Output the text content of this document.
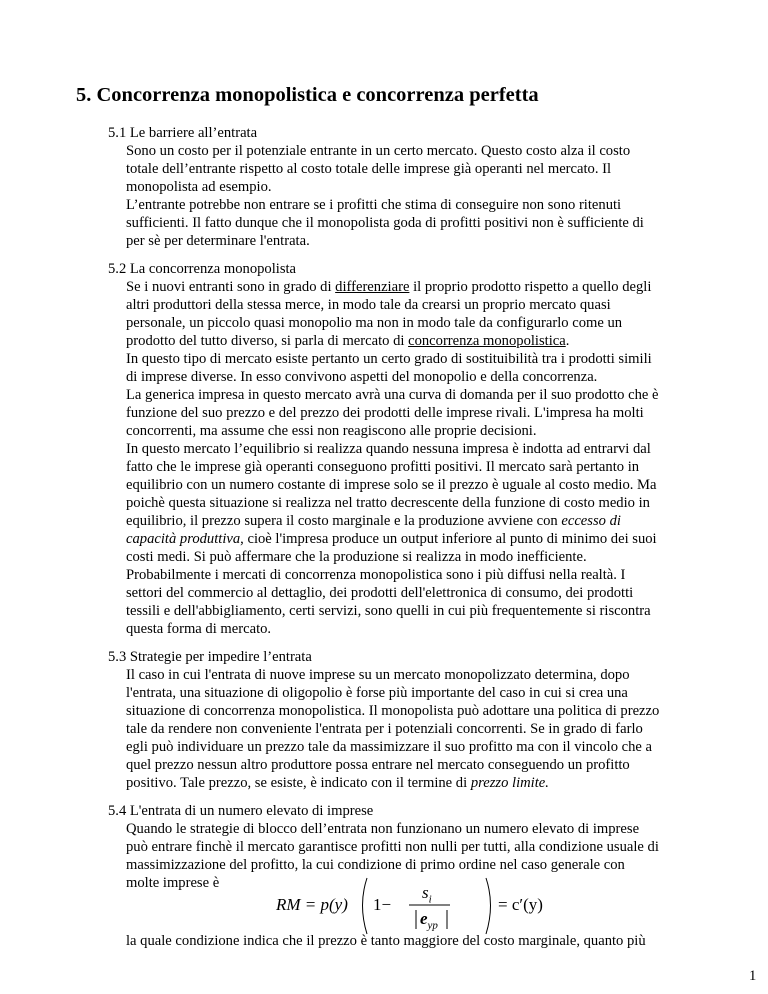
5. Concorrenza monopolistica e concorrenza perfetta
5.1 Le barriere all’entrata
Sono un costo per il potenziale entrante in un certo mercato. Questo costo alza il costo
totale dell’entrante rispetto al costo totale delle imprese già operanti nel mercato. Il
monopolista ad esempio.
L’entrante potrebbe non entrare se i profitti che stima di conseguire non sono ritenuti
sufficienti. Il fatto dunque che il monopolista goda di profitti positivi non è sufficiente di
per sè per determinare l'entrata.
5.2 La concorrenza monopolista
Se i nuovi entranti sono in grado di differenziare il proprio prodotto rispetto a quello degli
altri produttori della stessa merce, in modo tale da crearsi un proprio mercato quasi
personale, un piccolo quasi monopolio ma non in modo tale da configurarlo come un
prodotto del tutto diverso, si parla di mercato di concorrenza monopolistica.
In questo tipo di mercato esiste pertanto un certo grado di sostituibilità tra i prodotti simili
di imprese diverse. In esso convivono aspetti del monopolio e della concorrenza.
La generica impresa in questo mercato avrà una curva di domanda per il suo prodotto che è
funzione del suo prezzo e del prezzo dei prodotti delle imprese rivali. L'impresa ha molti
concorrenti, ma assume che essi non reagiscono alle proprie decisioni.
In questo mercato l’equilibrio si realizza quando nessuna impresa è indotta ad entrarvi dal
fatto che le imprese già operanti conseguono profitti positivi. Il mercato sarà pertanto in
equilibrio con un numero costante di imprese solo se il prezzo è uguale al costo medio. Ma
poichè questa situazione si realizza nel tratto decrescente della funzione di costo medio in
equilibrio, il prezzo supera il costo marginale e la produzione avviene con eccesso di
capacità produttiva, cioè l'impresa produce un output inferiore al punto di minimo dei suoi
costi medi. Si può affermare che la produzione si realizza in modo inefficiente.
Probabilmente i mercati di concorrenza monopolistica sono i più diffusi nella realtà. I
settori del commercio al dettaglio, dei prodotti dell'elettronica di consumo, dei prodotti
tessili e dell'abbigliamento, certi servizi, sono quelli in cui più frequentemente si riscontra
questa forma di mercato.
5.3 Strategie per impedire l’entrata
Il caso in cui l'entrata di nuove imprese su un mercato monopolizzato determina, dopo
l'entrata, una situazione di oligopolio è forse più importante del caso in cui si crea una
situazione di concorrenza monopolistica. Il monopolista può adottare una politica di prezzo
tale da rendere non conveniente l'entrata per i potenziali concorrenti. Se in grado di farlo
egli può individuare un prezzo tale da massimizzare il suo profitto ma con il vincolo che a
quel prezzo nessun altro produttore possa entrare nel mercato conseguendo un profitto
positivo. Tale prezzo, se esiste, è indicato con il termine di prezzo limite.
5.4 L'entrata di un numero elevato di imprese
Quando le strategie di blocco dell’entrata non funzionano un numero elevato di imprese
può entrare finchè il mercato garantisce profitti non nulli per tutti, alla condizione usuale di
massimizzazione del profitto, la cui condizione di primo ordine nel caso generale con
molte imprese è
RM = p(y) 1−
$s_i$
$e_{yp}$
= c′(y)
la quale condizione indica che il prezzo è tanto maggiore del costo marginale, quanto più
1
